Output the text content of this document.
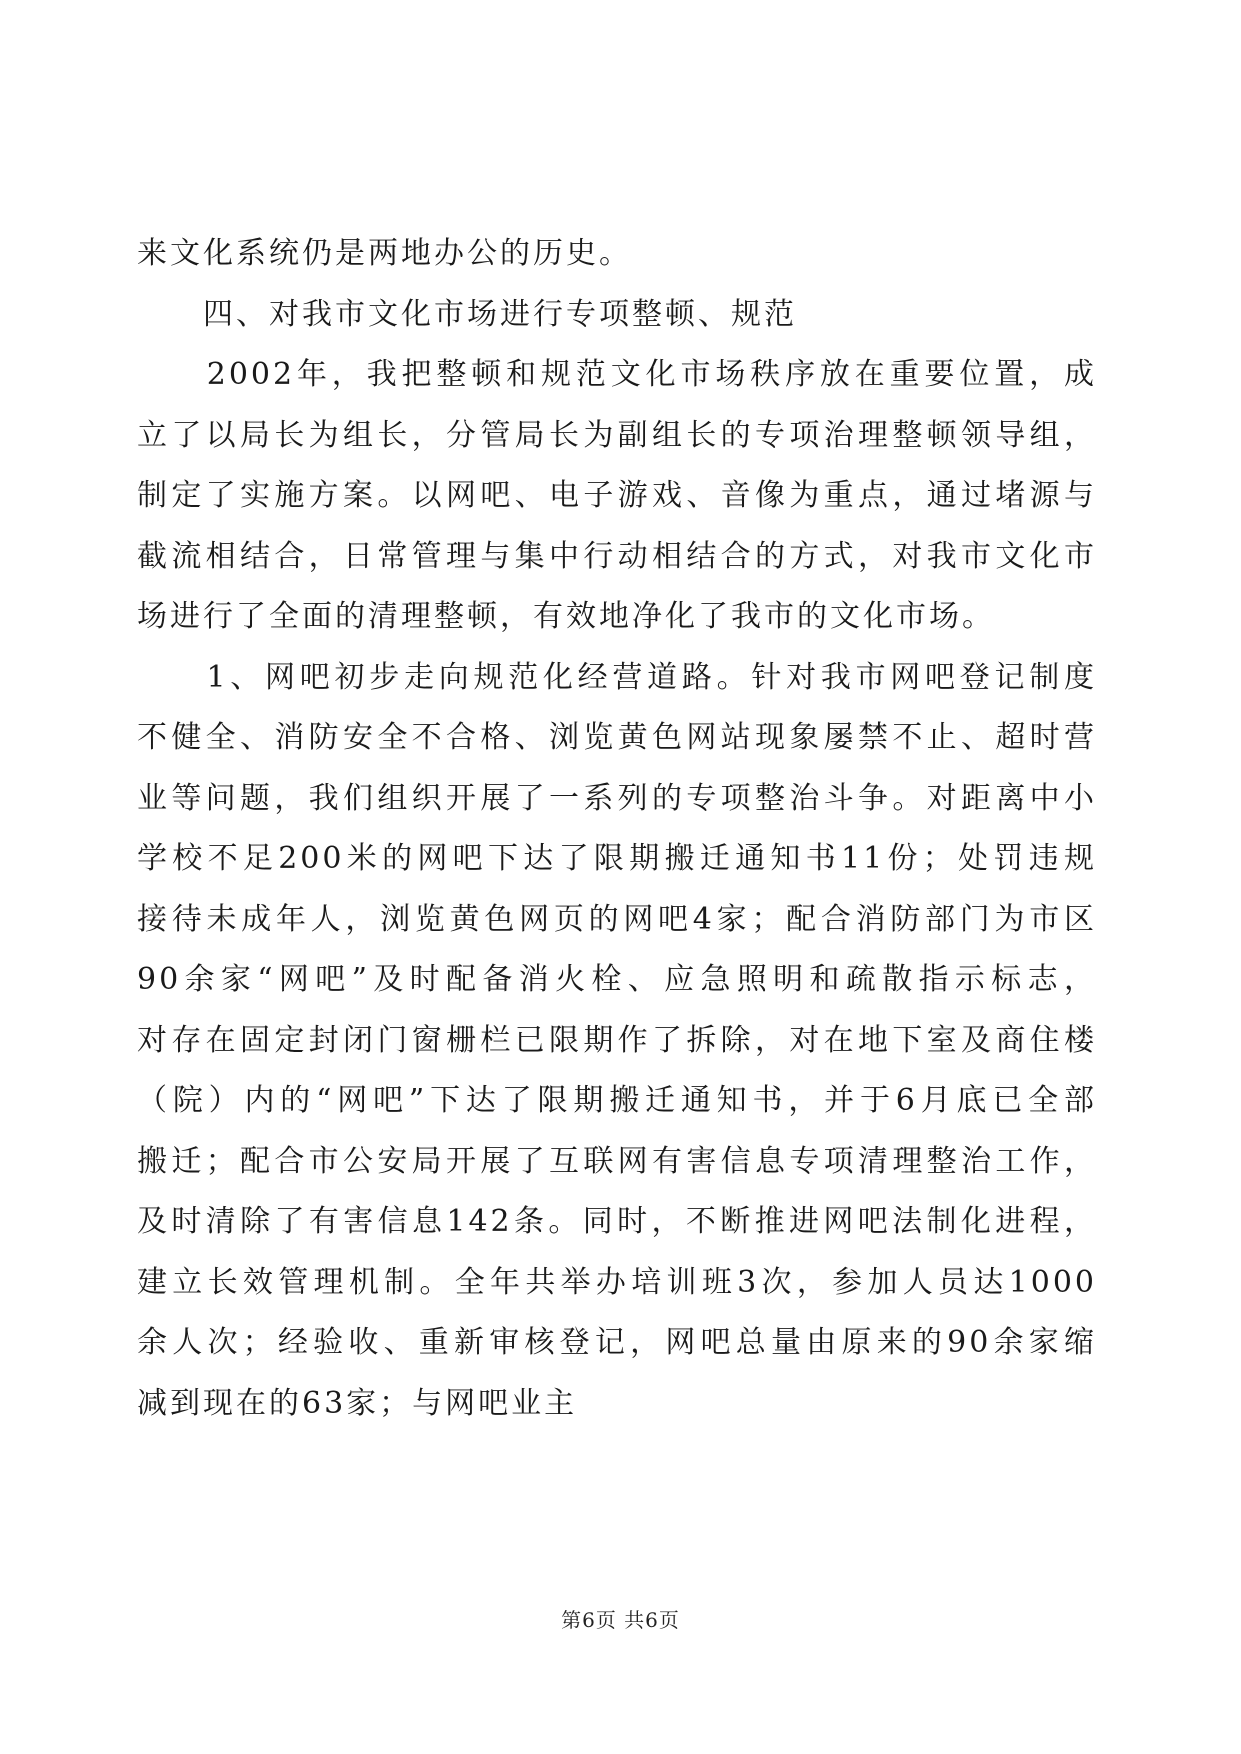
来文化系统仍是两地办公的历史。
　　四、对我市文化市场进行专项整顿、规范
　　2002年，我把整顿和规范文化市场秩序放在重要位置，成
立了以局长为组长，分管局长为副组长的专项治理整顿领导组，
制定了实施方案。以网吧、电子游戏、音像为重点，通过堵源与
截流相结合，日常管理与集中行动相结合的方式，对我市文化市
场进行了全面的清理整顿，有效地净化了我市的文化市场。
　　1、网吧初步走向规范化经营道路。针对我市网吧登记制度
不健全、消防安全不合格、浏览黄色网站现象屡禁不止、超时营
业等问题，我们组织开展了一系列的专项整治斗争。对距离中小
学校不足200米的网吧下达了限期搬迁通知书11份；处罚违规
接待未成年人，浏览黄色网页的网吧4家；配合消防部门为市区
90余家“网吧”及时配备消火栓、应急照明和疏散指示标志，
对存在固定封闭门窗栅栏已限期作了拆除，对在地下室及商住楼
（院）内的“网吧”下达了限期搬迁通知书，并于6月底已全部
搬迁；配合市公安局开展了互联网有害信息专项清理整治工作，
及时清除了有害信息142条。同时，不断推进网吧法制化进程，
建立长效管理机制。全年共举办培训班3次，参加人员达1000
余人次；经验收、重新审核登记，网吧总量由原来的90余家缩
减到现在的63家；与网吧业主
第6页 共6页
